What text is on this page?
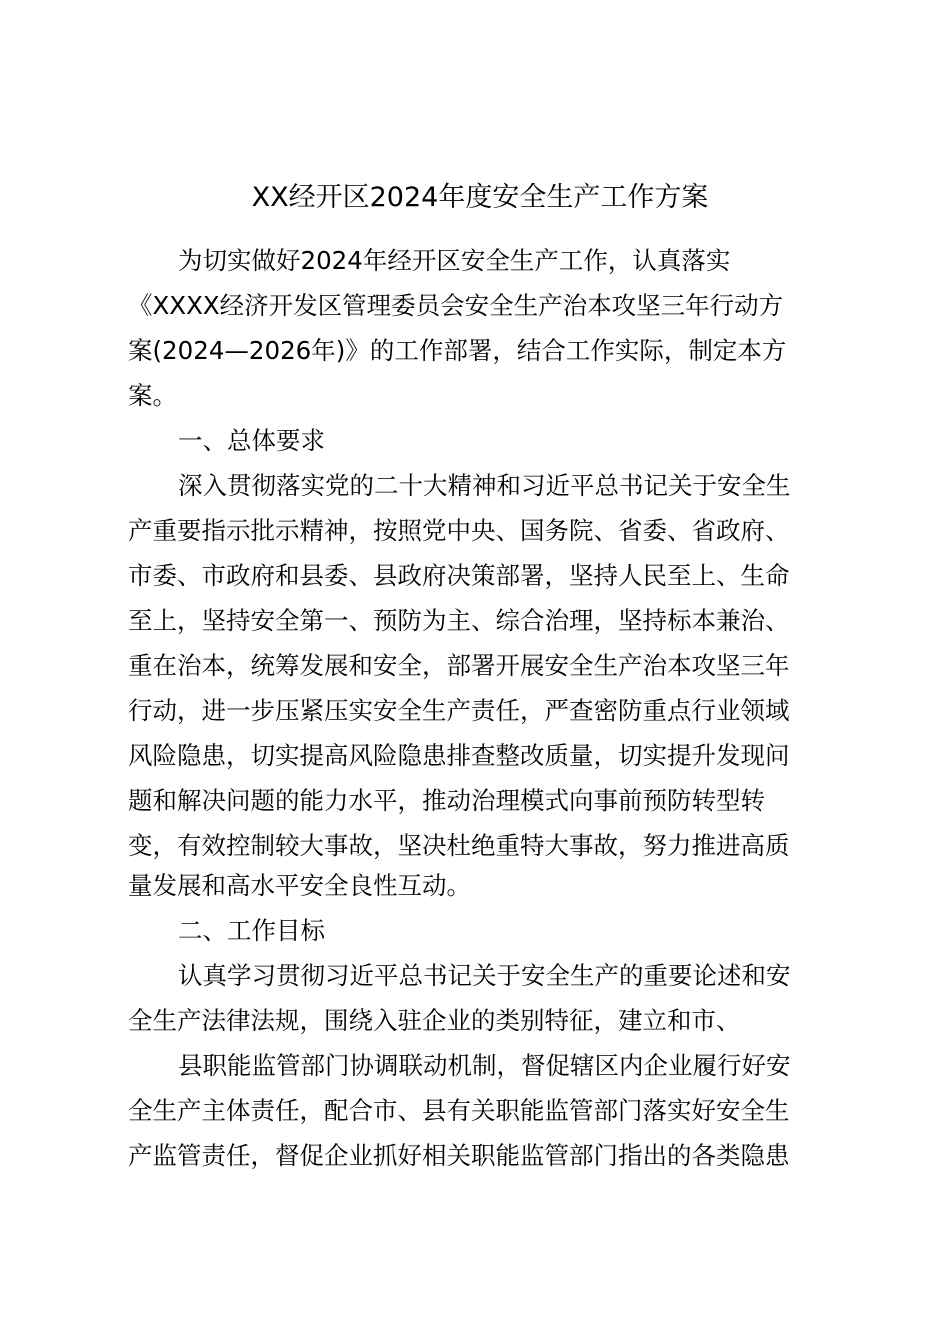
XX经开区2024年度安全生产工作方案
为切实做好2024年经开区安全生产工作，认真落实
《XXXX经济开发区管理委员会安全生产治本攻坚三年行动方
案(2024—2026年)》的工作部署，结合工作实际，制定本方
案。
一、总体要求
深入贯彻落实党的二十大精神和习近平总书记关于安全生
产重要指示批示精神，按照党中央、国务院、省委、省政府、
市委、市政府和县委、县政府决策部署，坚持人民至上、生命
至上，坚持安全第一、预防为主、综合治理，坚持标本兼治、
重在治本，统筹发展和安全，部署开展安全生产治本攻坚三年
行动，进一步压紧压实安全生产责任，严查密防重点行业领域
风险隐患，切实提高风险隐患排查整改质量，切实提升发现问
题和解决问题的能力水平，推动治理模式向事前预防转型转
变，有效控制较大事故，坚决杜绝重特大事故，努力推进高质
量发展和高水平安全良性互动。
二、工作目标
认真学习贯彻习近平总书记关于安全生产的重要论述和安
全生产法律法规，围绕入驻企业的类别特征，建立和市、
县职能监管部门协调联动机制，督促辖区内企业履行好安
全生产主体责任，配合市、县有关职能监管部门落实好安全生
产监管责任，督促企业抓好相关职能监管部门指出的各类隐患
